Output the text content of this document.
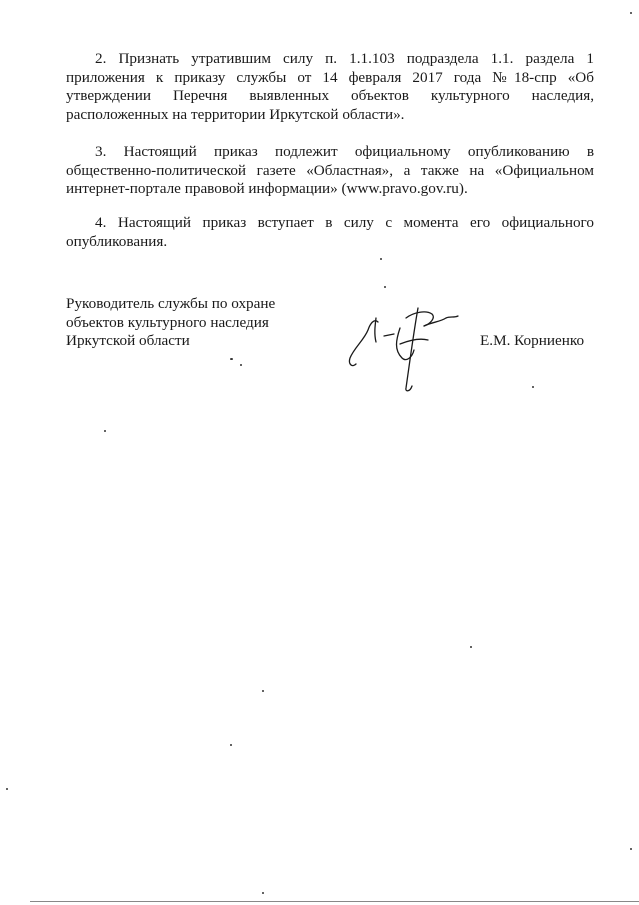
2. Признать утратившим силу п. 1.1.103 подраздела 1.1. раздела 1 приложения к приказу службы от 14 февраля 2017 года №18-спр «Об утверждении Перечня выявленных объектов культурного наследия, расположенных на территории Иркутской области».

3. Настоящий приказ подлежит официальному опубликованию в общественно-политической газете «Областная», а также на «Официальном интернет-портале правовой информации» (www.pravo.gov.ru).

4. Настоящий приказ вступает в силу с момента его официального опубликования.

Руководитель службы по охране
объектов культурного наследия
Иркутской области	Е.М. Корниенко
